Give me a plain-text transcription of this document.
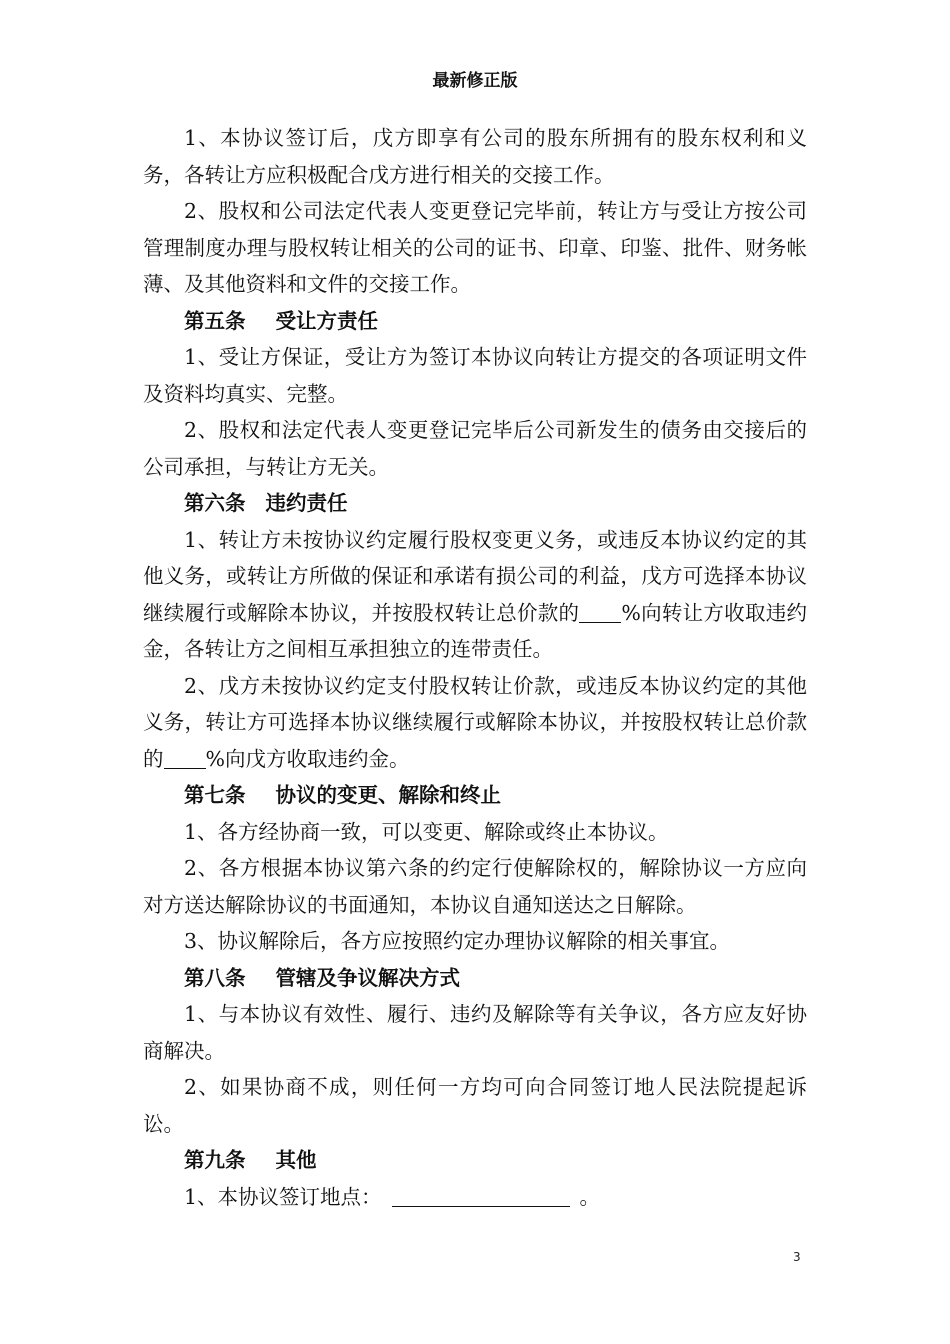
最新修正版

1、本协议签订后，戊方即享有公司的股东所拥有的股东权利和义务，各转让方应积极配合戊方进行相关的交接工作。

2、股权和公司法定代表人变更登记完毕前，转让方与受让方按公司管理制度办理与股权转让相关的公司的证书、印章、印鉴、批件、财务帐薄、及其他资料和文件的交接工作。

第五条 受让方责任

1、受让方保证，受让方为签订本协议向转让方提交的各项证明文件及资料均真实、完整。

2、股权和法定代表人变更登记完毕后公司新发生的债务由交接后的公司承担，与转让方无关。

第六条 违约责任

1、转让方未按协议约定履行股权变更义务，或违反本协议约定的其他义务，或转让方所做的保证和承诺有损公司的利益，戊方可选择本协议继续履行或解除本协议，并按股权转让总价款的 %向转让方收取违约金，各转让方之间相互承担独立的连带责任。

2、戊方未按协议约定支付股权转让价款，或违反本协议约定的其他义务，转让方可选择本协议继续履行或解除本协议，并按股权转让总价款的 %向戊方收取违约金。

第七条 协议的变更、解除和终止

1、各方经协商一致，可以变更、解除或终止本协议。

2、各方根据本协议第六条的约定行使解除权的，解除协议一方应向对方送达解除协议的书面通知，本协议自通知送达之日解除。

3、协议解除后，各方应按照约定办理协议解除的相关事宜。

第八条 管辖及争议解决方式

1、与本协议有效性、履行、违约及解除等有关争议，各方应友好协商解决。

2、如果协商不成，则任何一方均可向合同签订地人民法院提起诉讼。

第九条 其他

1、本协议签订地点：	。

3
